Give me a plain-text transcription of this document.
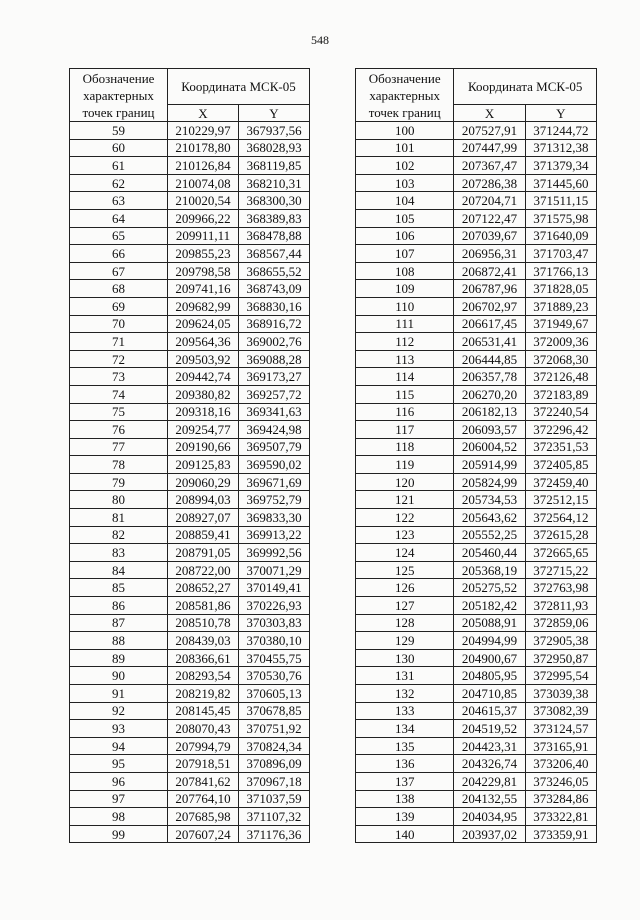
548
Обозначение характерных точек границ	Координата МСК-05	
	X	Y
59	210229,97	367937,56
60	210178,80	368028,93
61	210126,84	368119,85
62	210074,08	368210,31
63	210020,54	368300,30
64	209966,22	368389,83
65	209911,11	368478,88
66	209855,23	368567,44
67	209798,58	368655,52
68	209741,16	368743,09
69	209682,99	368830,16
70	209624,05	368916,72
71	209564,36	369002,76
72	209503,92	369088,28
73	209442,74	369173,27
74	209380,82	369257,72
75	209318,16	369341,63
76	209254,77	369424,98
77	209190,66	369507,79
78	209125,83	369590,02
79	209060,29	369671,69
80	208994,03	369752,79
81	208927,07	369833,30
82	208859,41	369913,22
83	208791,05	369992,56
84	208722,00	370071,29
85	208652,27	370149,41
86	208581,86	370226,93
87	208510,78	370303,83
88	208439,03	370380,10
89	208366,61	370455,75
90	208293,54	370530,76
91	208219,82	370605,13
92	208145,45	370678,85
93	208070,43	370751,92
94	207994,79	370824,34
95	207918,51	370896,09
96	207841,62	370967,18
97	207764,10	371037,59
98	207685,98	371107,32
99	207607,24	371176,36
Обозначение характерных точек границ	Координата МСК-05	
	X	Y
100	207527,91	371244,72
101	207447,99	371312,38
102	207367,47	371379,34
103	207286,38	371445,60
104	207204,71	371511,15
105	207122,47	371575,98
106	207039,67	371640,09
107	206956,31	371703,47
108	206872,41	371766,13
109	206787,96	371828,05
110	206702,97	371889,23
111	206617,45	371949,67
112	206531,41	372009,36
113	206444,85	372068,30
114	206357,78	372126,48
115	206270,20	372183,89
116	206182,13	372240,54
117	206093,57	372296,42
118	206004,52	372351,53
119	205914,99	372405,85
120	205824,99	372459,40
121	205734,53	372512,15
122	205643,62	372564,12
123	205552,25	372615,28
124	205460,44	372665,65
125	205368,19	372715,22
126	205275,52	372763,98
127	205182,42	372811,93
128	205088,91	372859,06
129	204994,99	372905,38
130	204900,67	372950,87
131	204805,95	372995,54
132	204710,85	373039,38
133	204615,37	373082,39
134	204519,52	373124,57
135	204423,31	373165,91
136	204326,74	373206,40
137	204229,81	373246,05
138	204132,55	373284,86
139	204034,95	373322,81
140	203937,02	373359,91
